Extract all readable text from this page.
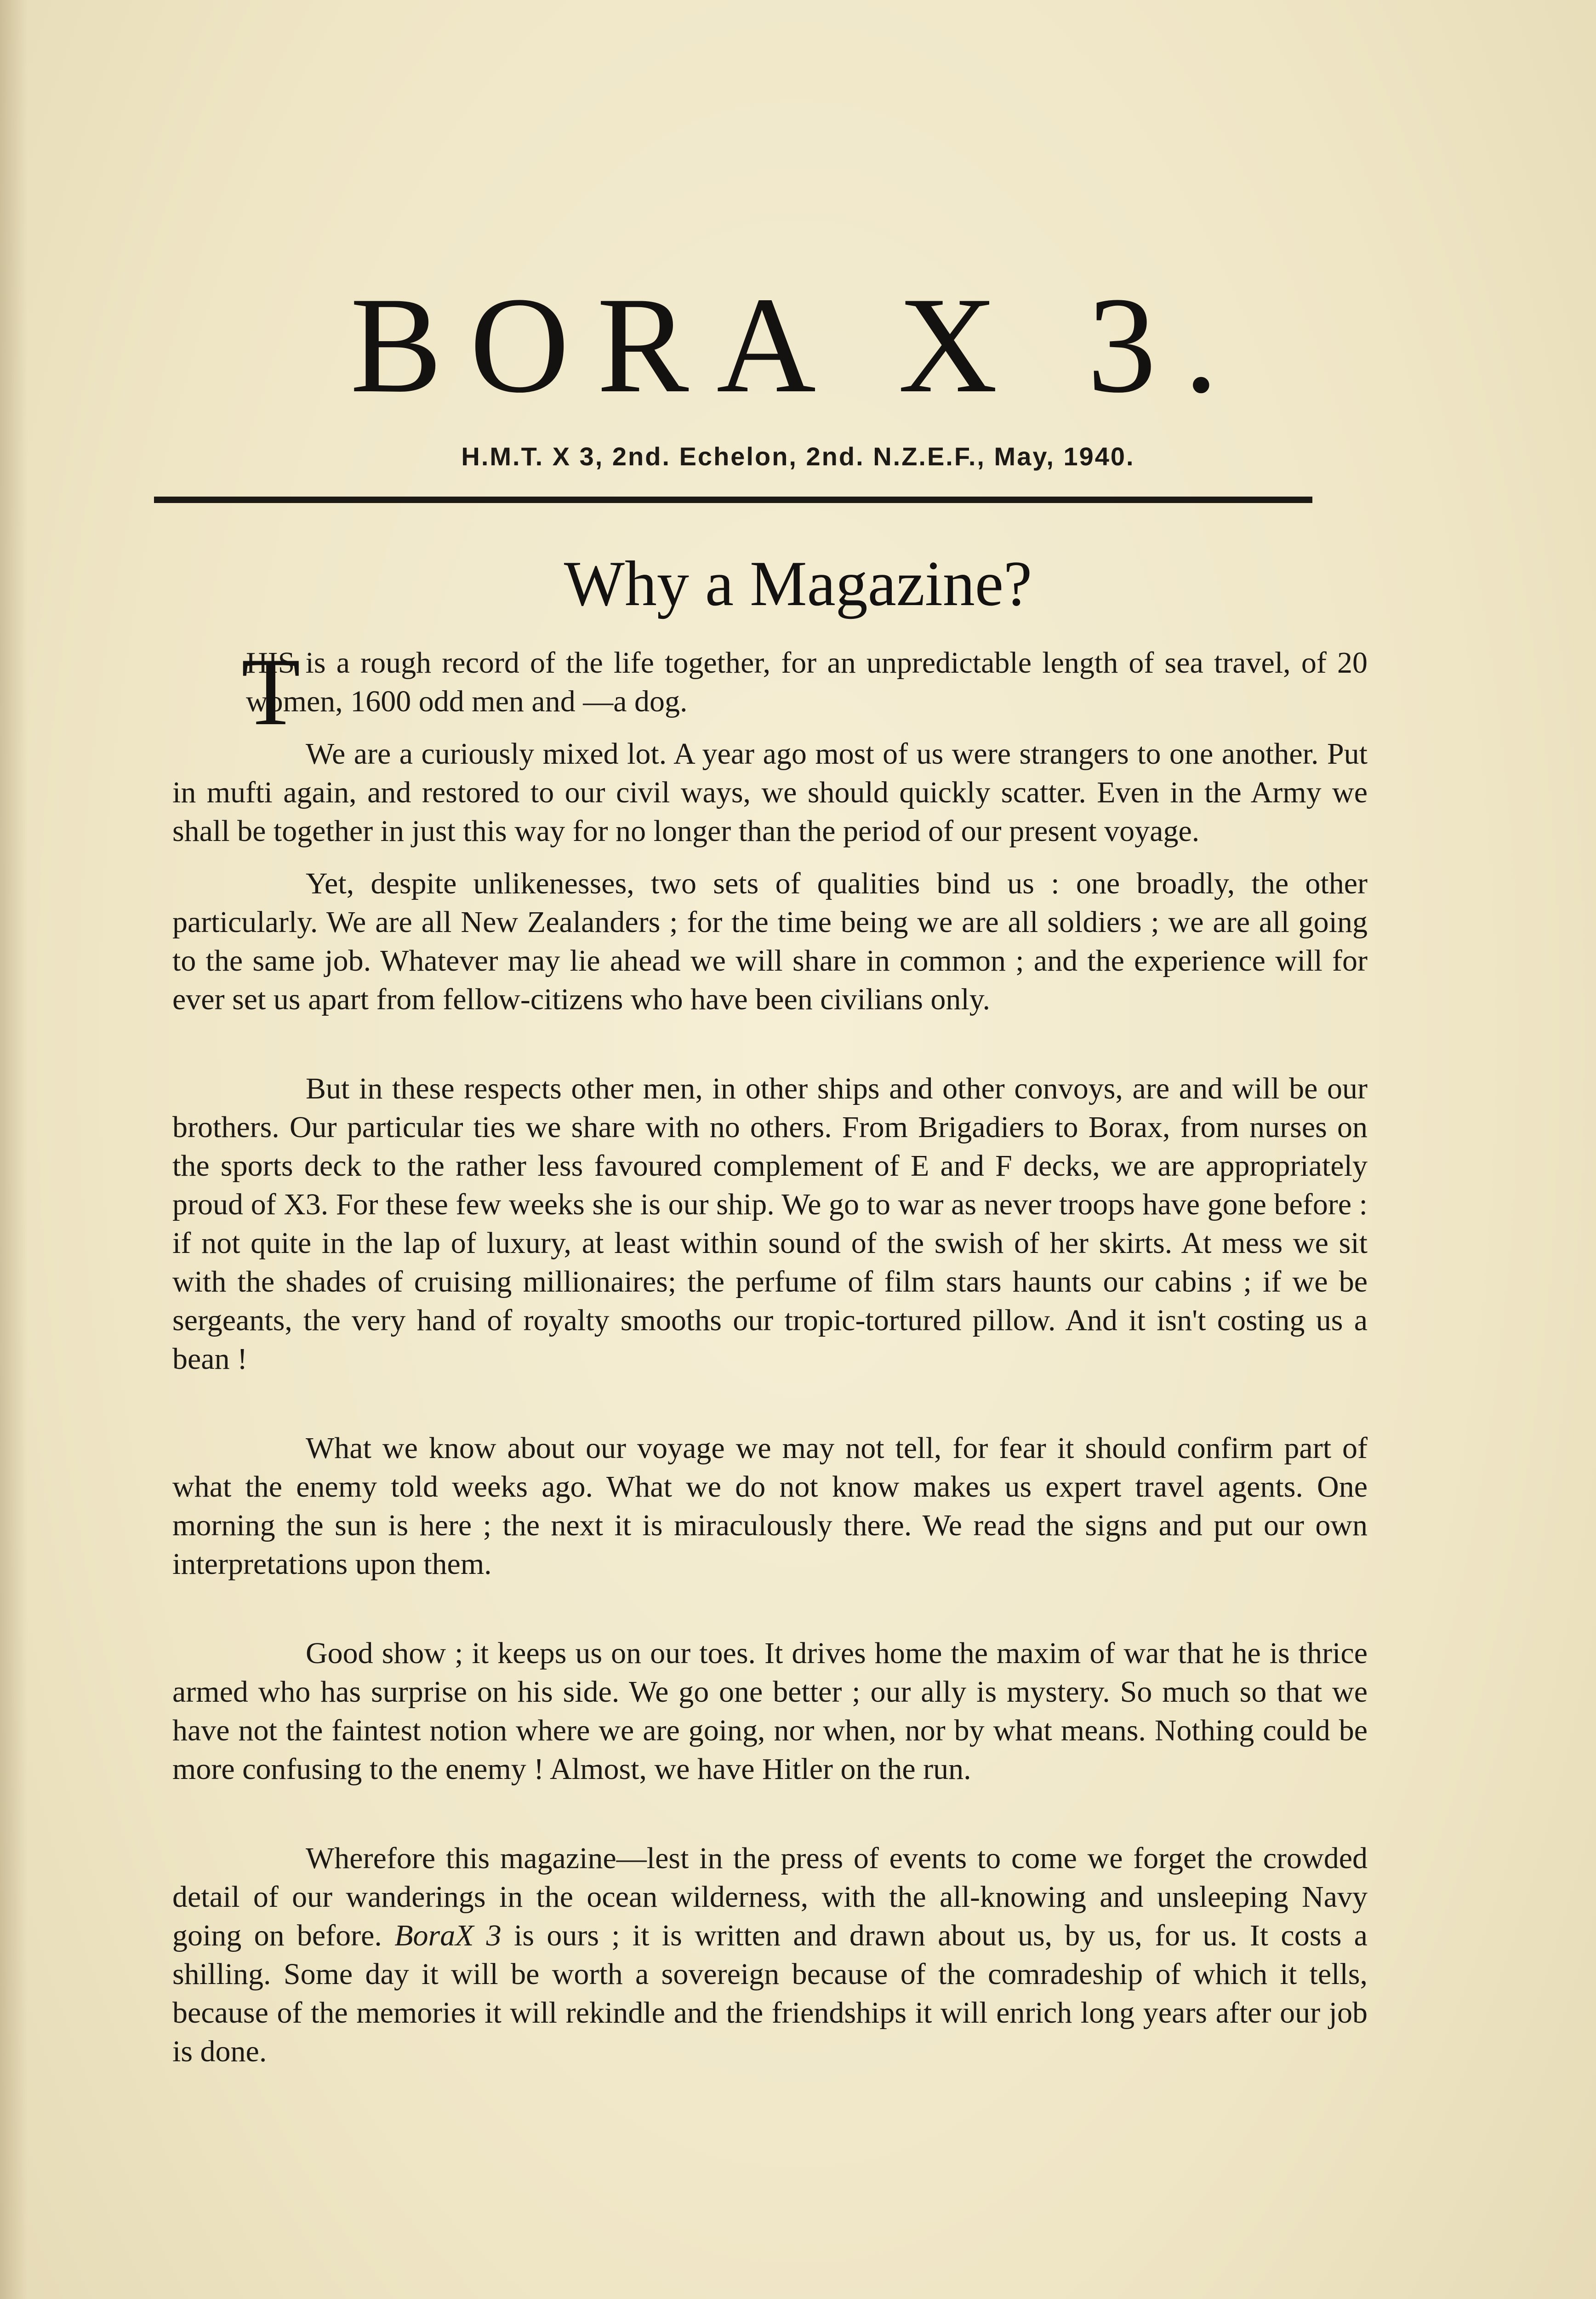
BORA X 3.
H.M.T. X 3, 2nd. Echelon, 2nd. N.Z.E.F., May, 1940.
Why a Magazine?

T
HIS is a rough record of the life together, for an unpredictable length of sea travel, of 20 women, 1600 odd men and —a dog.

We are a curiously mixed lot. A year ago most of us were strangers to one another. Put in mufti again, and restored to our civil ways, we should quickly scatter. Even in the Army we shall be together in just this way for no longer than the period of our present voyage.

Yet, despite unlikenesses, two sets of qualities bind us : one broadly, the other particularly. We are all New Zealanders ; for the time being we are all soldiers ; we are all going to the same job. Whatever may lie ahead we will share in common ; and the experience will for ever set us apart from fellow-citizens who have been civilians only.

But in these respects other men, in other ships and other convoys, are and will be our brothers. Our particular ties we share with no others. From Brigadiers to Borax, from nurses on the sports deck to the rather less favoured complement of E and F decks, we are appropriately proud of X3. For these few weeks she is our ship. We go to war as never troops have gone before : if not quite in the lap of luxury, at least within sound of the swish of her skirts. At mess we sit with the shades of cruising millionaires; the perfume of film stars haunts our cabins ; if we be sergeants, the very hand of royalty smooths our tropic-tortured pillow. And it isn't costing us a bean !

What we know about our voyage we may not tell, for fear it should confirm part of what the enemy told weeks ago. What we do not know makes us expert travel agents. One morning the sun is here ; the next it is miraculously there. We read the signs and put our own interpretations upon them.

Good show ; it keeps us on our toes. It drives home the maxim of war that he is thrice armed who has surprise on his side. We go one better ; our ally is mystery. So much so that we have not the faintest notion where we are going, nor when, nor by what means. Nothing could be more confusing to the enemy ! Almost, we have Hitler on the run.

Wherefore this magazine—lest in the press of events to come we forget the crowded detail of our wanderings in the ocean wilderness, with the all-knowing and unsleeping Navy going on before. BoraX 3 is ours ; it is written and drawn about us, by us, for us. It costs a shilling. Some day it will be worth a sovereign because of the comradeship of which it tells, because of the memories it will rekindle and the friendships it will enrich long years after our job is done.
